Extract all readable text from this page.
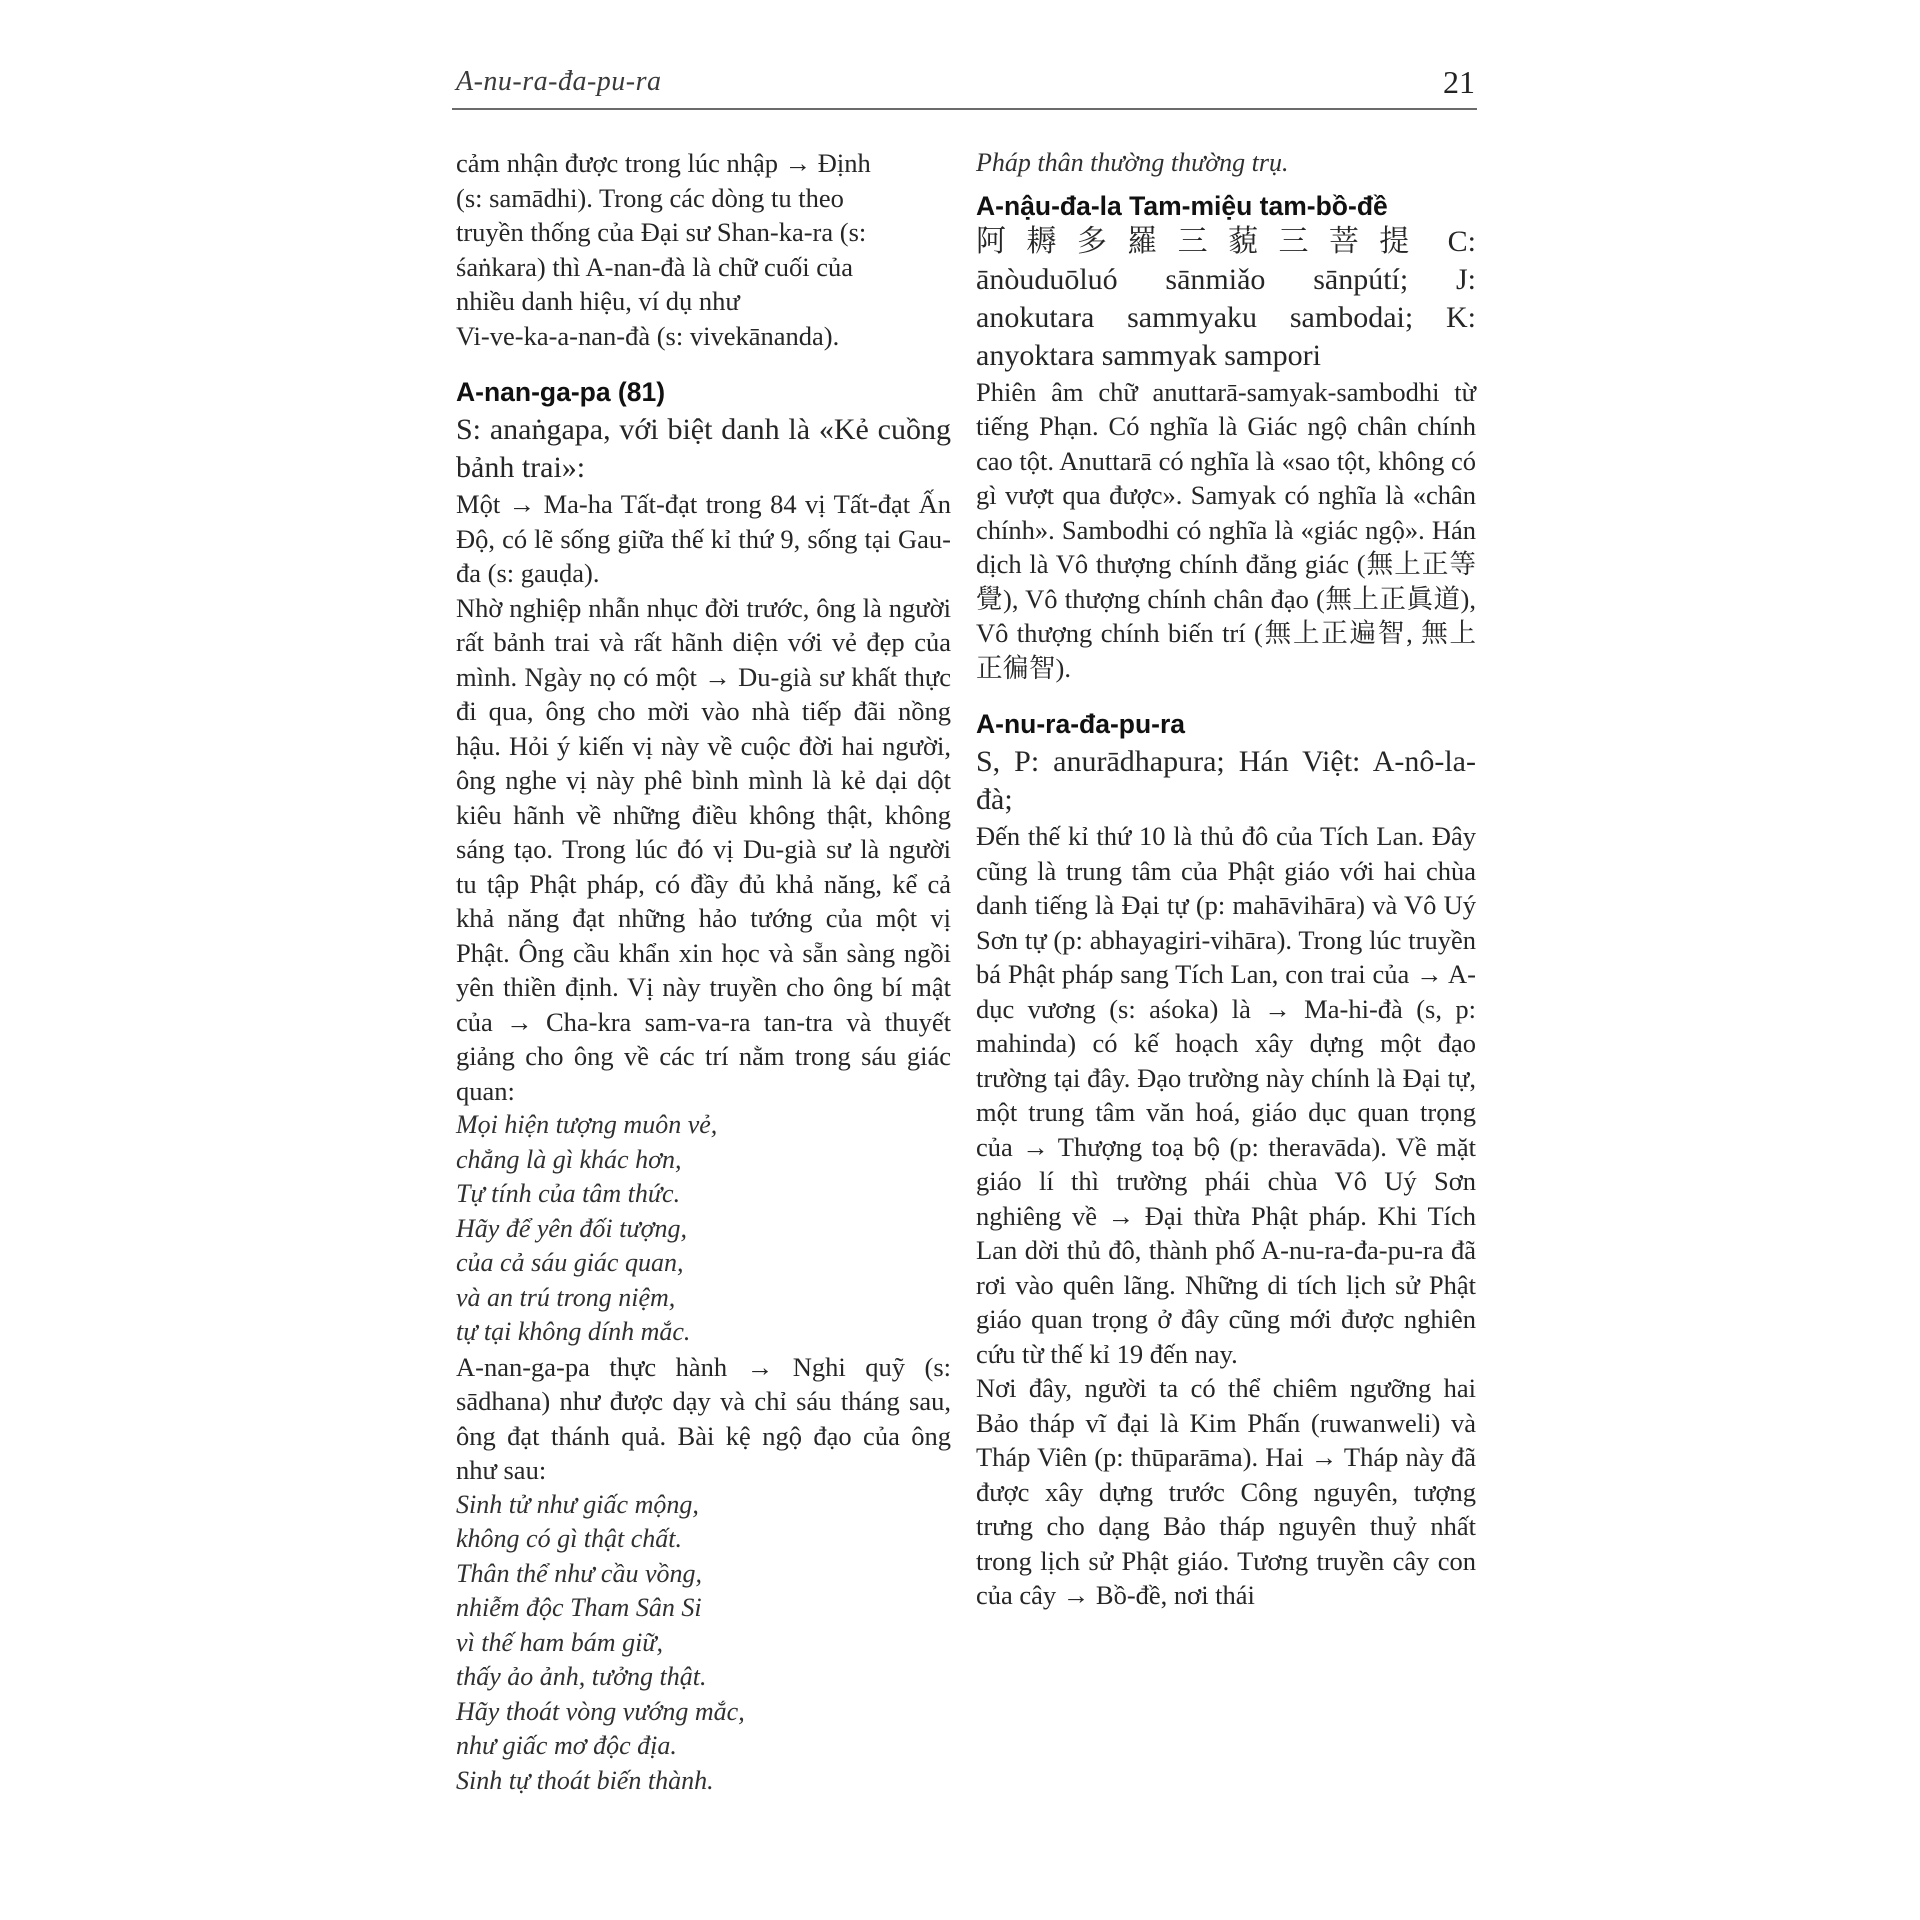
A-nu-ra-đa-pu-ra	21

cảm nhận được trong lúc nhập → Định

(s: samādhi). Trong các dòng tu theo

truyền thống của Đại sư Shan-ka-ra (s:

śaṅkara) thì A-nan-đà là chữ cuối của

nhiều danh hiệu, ví dụ như

Vi-ve-ka-a-nan-đà (s: vivekānanda).

A-nan-ga-pa (81)

S: anaṅgapa, với biệt danh là «Kẻ cuồng bảnh trai»:

Một → Ma-ha Tất-đạt trong 84 vị Tất-đạt Ấn Độ, có lẽ sống giữa thế kỉ thứ 9, sống tại Gau-đa (s: gauḍa).

Nhờ nghiệp nhẫn nhục đời trước, ông là người rất bảnh trai và rất hãnh diện với vẻ đẹp của mình. Ngày nọ có một → Du-già sư khất thực đi qua, ông cho mời vào nhà tiếp đãi nồng hậu. Hỏi ý kiến vị này về cuộc đời hai người, ông nghe vị này phê bình mình là kẻ dại dột kiêu hãnh về những điều không thật, không sáng tạo. Trong lúc đó vị Du-già sư là người tu tập Phật pháp, có đầy đủ khả năng, kể cả khả năng đạt những hảo tướng của một vị Phật. Ông cầu khẩn xin học và sẵn sàng ngồi yên thiền định. Vị này truyền cho ông bí mật của → Cha-kra sam-va-ra tan-tra và thuyết giảng cho ông về các trí nằm trong sáu giác quan:

Mọi hiện tượng muôn vẻ,

chẳng là gì khác hơn,

Tự tính của tâm thức.

Hãy để yên đối tượng,

của cả sáu giác quan,

và an trú trong niệm,

tự tại không dính mắc.

A-nan-ga-pa thực hành → Nghi quỹ (s: sādhana) như được dạy và chỉ sáu tháng sau, ông đạt thánh quả. Bài kệ ngộ đạo của ông như sau:

Sinh tử như giấc mộng,

không có gì thật chất.

Thân thể như cầu vồng,

nhiễm độc Tham Sân Si

vì thế ham bám giữ,

thấy ảo ảnh, tưởng thật.

Hãy thoát vòng vướng mắc,

như giấc mơ độc địa.

Sinh tự thoát biến thành.

Pháp thân thường thường trụ.

A-nậu-đa-la Tam-miệu tam-bồ-đề

阿耨多羅三藐三菩提 C: ānòuduōluó sānmiǎo sānpútí; J: anokutara sammyaku sambodai; K: anyoktara sammyak sampori

Phiên âm chữ anuttarā-samyak-sambodhi từ tiếng Phạn. Có nghĩa là Giác ngộ chân chính cao tột. Anuttarā có nghĩa là «sao tột, không có gì vượt qua được». Samyak có nghĩa là «chân chính». Sambodhi có nghĩa là «giác ngộ». Hán dịch là Vô thượng chính đẳng giác (無上正等覺), Vô thượng chính chân đạo (無上正眞道), Vô thượng chính biến trí (無上正遍智, 無上正徧智).

A-nu-ra-đa-pu-ra

S, P: anurādhapura; Hán Việt: A-nô-la-đà;

Đến thế kỉ thứ 10 là thủ đô của Tích Lan. Đây cũng là trung tâm của Phật giáo với hai chùa danh tiếng là Đại tự (p: mahāvihāra) và Vô Uý Sơn tự (p: abhayagiri-vihāra). Trong lúc truyền bá Phật pháp sang Tích Lan, con trai của → A-dục vương (s: aśoka) là → Ma-hi-đà (s, p: mahinda) có kế hoạch xây dựng một đạo trường tại đây. Đạo trường này chính là Đại tự, một trung tâm văn hoá, giáo dục quan trọng của → Thượng toạ bộ (p: theravāda). Về mặt giáo lí thì trường phái chùa Vô Uý Sơn nghiêng về → Đại thừa Phật pháp. Khi Tích Lan dời thủ đô, thành phố A-nu-ra-đa-pu-ra đã rơi vào quên lãng. Những di tích lịch sử Phật giáo quan trọng ở đây cũng mới được nghiên cứu từ thế kỉ 19 đến nay.

Nơi đây, người ta có thể chiêm ngưỡng hai Bảo tháp vĩ đại là Kim Phấn (ruwanweli) và Tháp Viên (p: thūparāma). Hai → Tháp này đã được xây dựng trước Công nguyên, tượng trưng cho dạng Bảo tháp nguyên thuỷ nhất trong lịch sử Phật giáo. Tương truyền cây con của cây → Bồ-đề, nơi thái
